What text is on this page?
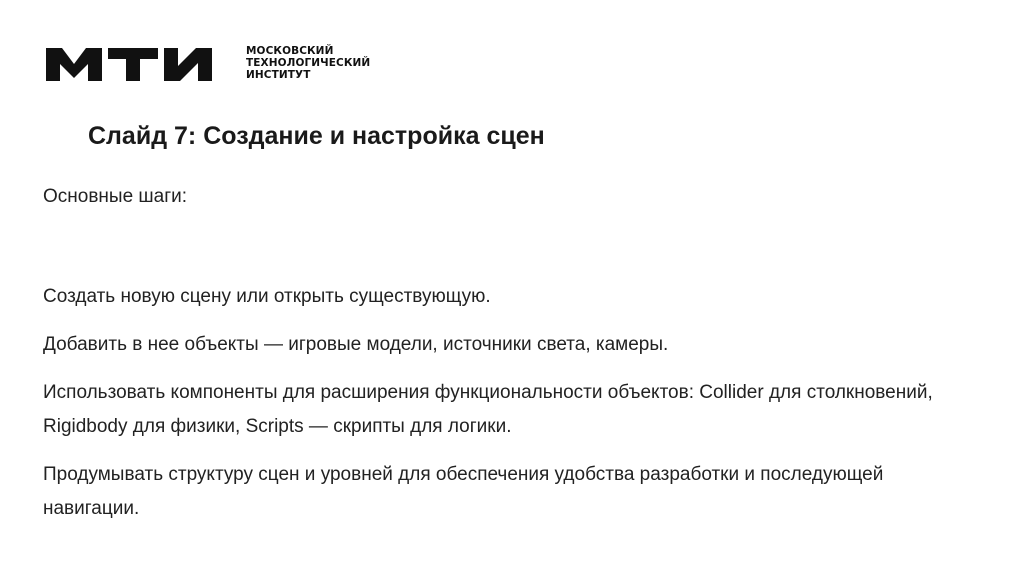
МОСКОВСКИЙ
ТЕХНОЛОГИЧЕСКИЙ
ИНСТИТУТ
Слайд 7: Создание и настройка сцен

Основные шаги:

Создать новую сцену или открыть существующую.
Добавить в нее объекты — игровые модели, источники света, камеры.
Использовать компоненты для расширения функциональности объектов: Collider для столкновений, Rigidbody для физики, Scripts — скрипты для логики.
Продумывать структуру сцен и уровней для обеспечения удобства разработки и последующей навигации.
